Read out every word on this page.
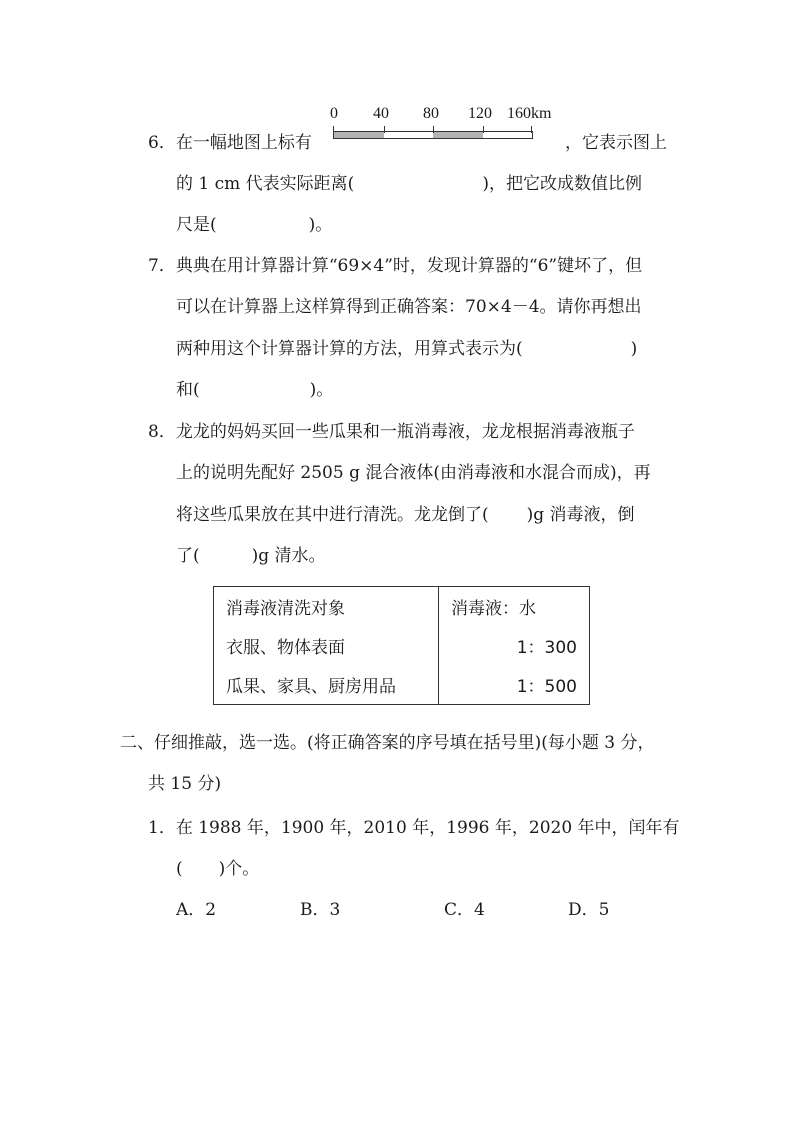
6．在一幅地图上标有
0 40 80 120 160km
，它表示图上
的 1 cm 代表实际距离(	)，把它改成数值比例
尺是(	)。
7．典典在用计算器计算“69×4”时，发现计算器的“6”键坏了，但
可以在计算器上这样算得到正确答案：70×4－4。请你再想出
两种用这个计算器计算的方法，用算式表示为(	)
和(	)。
8．龙龙的妈妈买回一些瓜果和一瓶消毒液，龙龙根据消毒液瓶子
上的说明先配好 2505 g 混合液体(由消毒液和水混合而成)，再
将这些瓜果放在其中进行清洗。龙龙倒了( )g 消毒液，倒
了(	)g 清水。
消毒液清洗对象	消毒液：水
衣服、物体表面	1：300
瓜果、家具、厨房用品	1：500
二、仔细推敲，选一选。(将正确答案的序号填在括号里)(每小题 3 分，
共 15 分)
1．在 1988 年，1900 年，2010 年，1996 年，2020 年中，闰年有
( )个。
A．2	B．3	C．4	D．5
